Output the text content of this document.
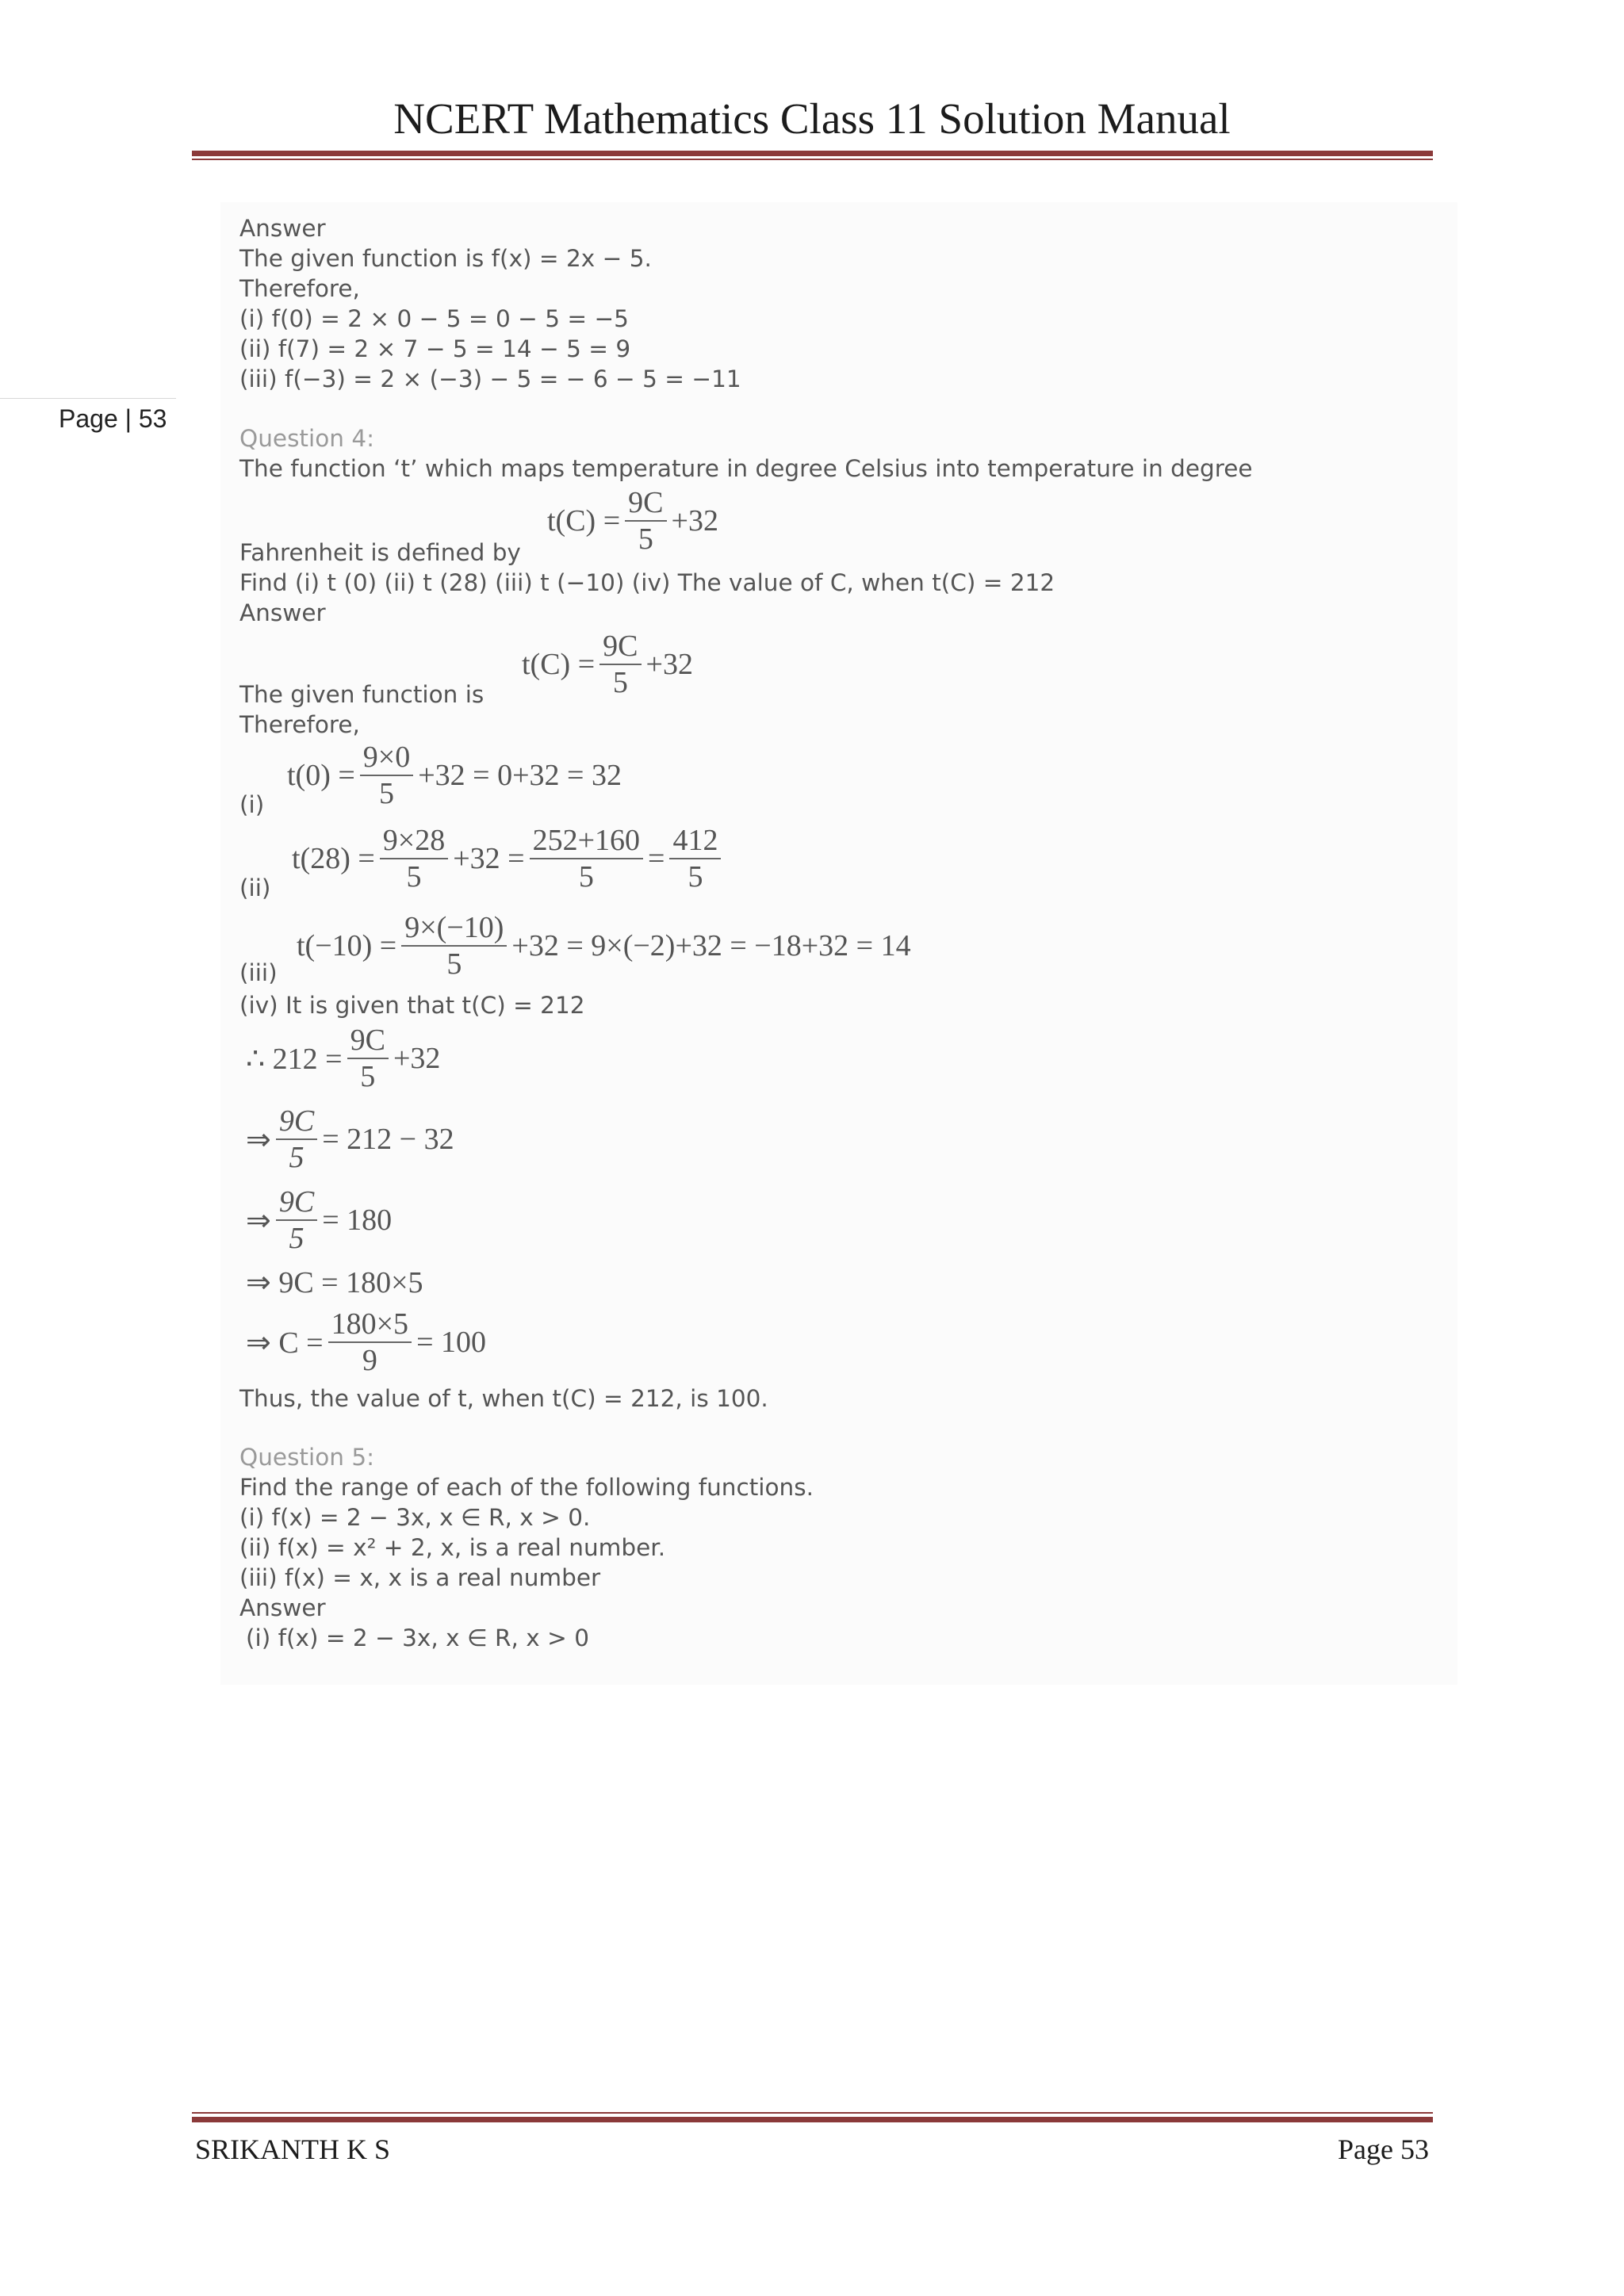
NCERT Mathematics Class 11 Solution Manual
Page | 53
Answer
The given function is f(x) = 2x − 5.
Therefore,
(i) f(0) = 2 × 0 − 5 = 0 − 5 = −5
(ii) f(7) = 2 × 7 − 5 = 14 − 5 = 9
(iii) f(−3) = 2 × (−3) − 5 = − 6 − 5 = −11
Question 4:
The function ‘t’ which maps temperature in degree Celsius into temperature in degree
$t(C) = \frac{9C}{5} +32$
Fahrenheit is defined by
Find (i) t (0) (ii) t (28) (iii) t (−10) (iv) The value of C, when t(C) = 212
Answer
$t(C) = \frac{9C}{5} +32$
The given function is
Therefore,
$t(0) = \frac{9\times 0}{5} +32 = 0+32 = 32$
(i)
$t(28) = \frac{9\times 28}{5} +32 = \frac{252+160}{5} = \frac{412}{5}$
(ii)
$t(-10) = \frac{9\times(-10)}{5} +32 = 9\times(-2)+32 = -18+32 = 14$
(iii)
(iv) It is given that t(C) = 212
∴ $212 = \frac{9C}{5} +32$
⇒ $\frac{9C}{5} = 212 - 32$
⇒ $\frac{9C}{5} = 180$
⇒ 9C = 180×5
⇒ $C = \frac{180\times 5}{9} = 100$
Thus, the value of t, when t(C) = 212, is 100.
Question 5:
Find the range of each of the following functions.
(i) f(x) = 2 − 3x, x ∈ R, x > 0.
(ii) f(x) = x² + 2, x, is a real number.
(iii) f(x) = x, x is a real number
Answer
(i) f(x) = 2 − 3x, x ∈ R, x > 0
SRIKANTH K S	Page 53
